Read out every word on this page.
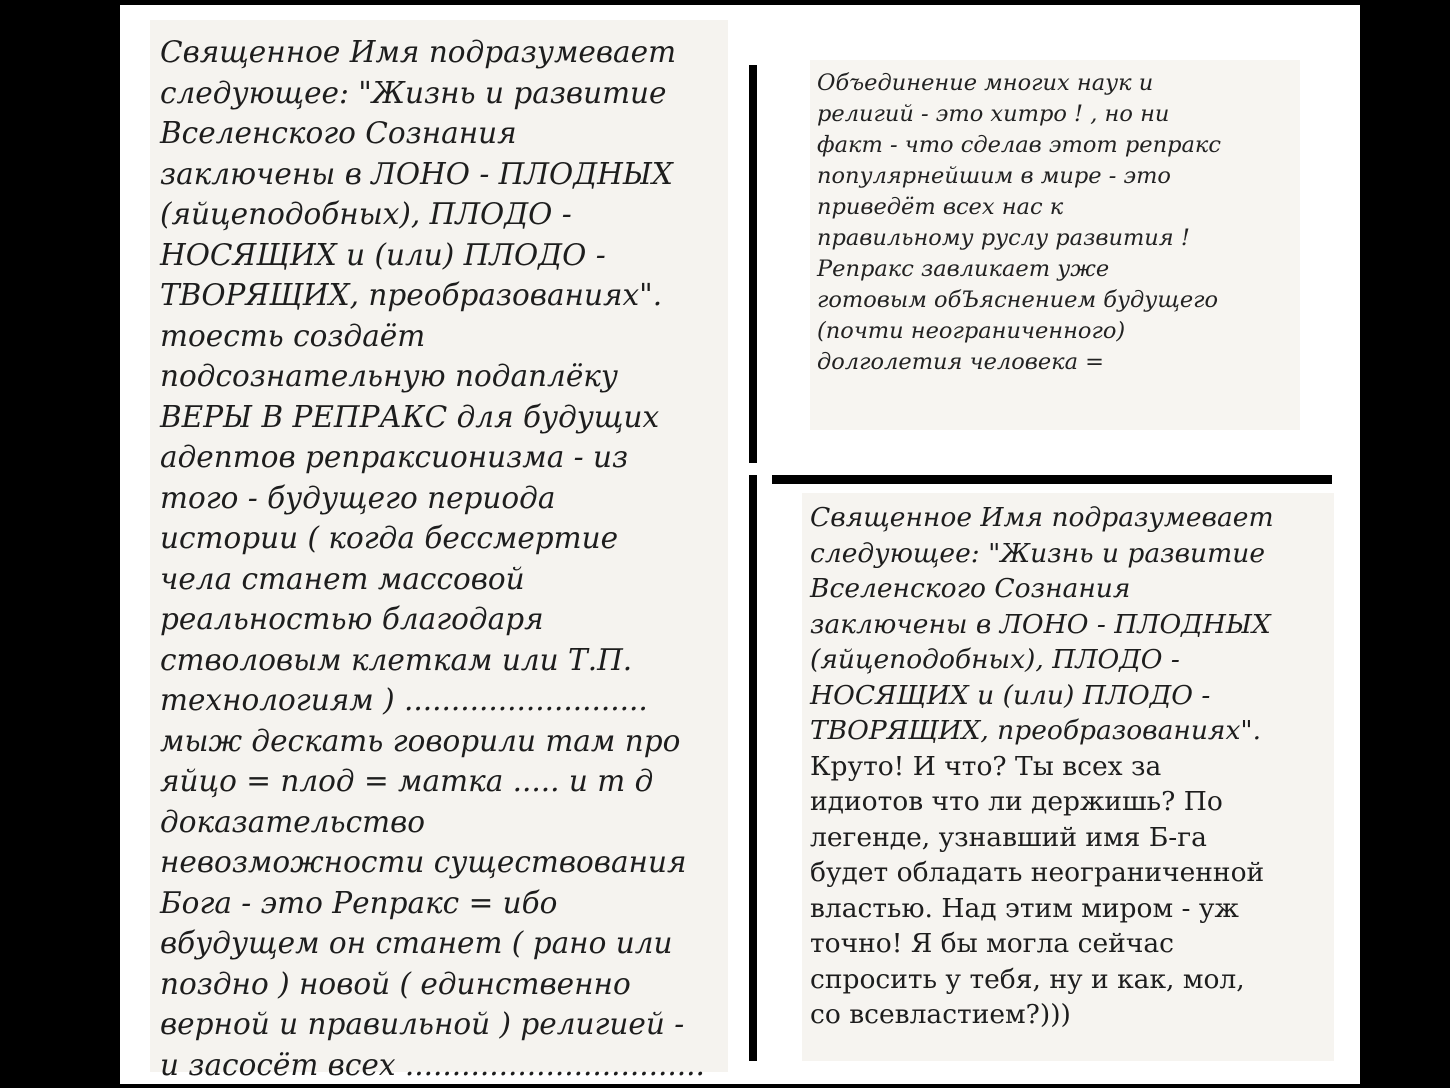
Священное Имя подразумевает
следующее: "Жизнь и развитие
Вселенского Сознания
заключены в ЛОНО - ПЛОДНЫХ
(яйцеподобных), ПЛОДО -
НОСЯЩИХ и (или) ПЛОДО -
ТВОРЯЩИХ, преобразованиях".
тоесть создаёт
подсознательную подаплёку
ВЕРЫ В РЕПРАКС для будущих
адептов репраксионизма - из
того - будущего периода
истории ( когда бессмертие
чела станет массовой
реальностью благодаря
стволовым клеткам или Т.П.
технологиям ) ..........................
мыж дескать говорили там про
яйцо = плод = матка ..... и т д
доказательство
невозможности существования
Бога - это Репракс = ибо
вбудущем он станет ( рано или
поздно ) новой ( единственно
верной и правильной ) религией -
и засосёт всех ................................

Объединение многих наук и
религий - это хитро ! , но ни
факт - что сделав этот репракс
популярнейшим в мире - это
приведёт всех нас к
правильному руслу развития !
Репракс завликает уже
готовым обЪяснением будущего
(почти неограниченного)
долголетия человека =

Священное Имя подразумевает
следующее: "Жизнь и развитие
Вселенского Сознания
заключены в ЛОНО - ПЛОДНЫХ
(яйцеподобных), ПЛОДО -
НОСЯЩИХ и (или) ПЛОДО -
ТВОРЯЩИХ, преобразованиях".

Круто! И что? Ты всех за
идиотов что ли держишь? По
легенде, узнавший имя Б-га
будет обладать неограниченной
властью. Над этим миром - уж
точно! Я бы могла сейчас
спросить у тебя, ну и как, мол,
со всевластием?)))
